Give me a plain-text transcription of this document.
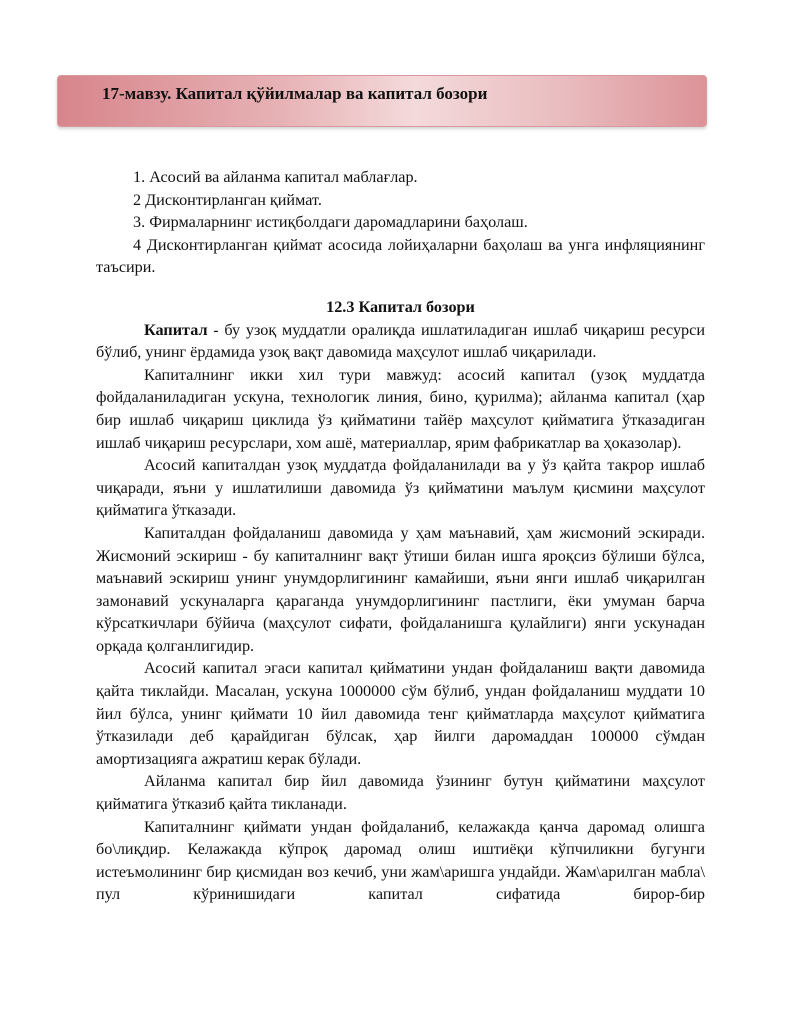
17-мавзу. Капитал қўйилмалар ва капитал бозори
1. Асосий ва айланма капитал маблағлар.
2 Дисконтирланган қиймат.
3. Фирмаларнинг истиқболдаги даромадларини баҳолаш.
4 Дисконтирланган қиймат асосида лойиҳаларни баҳолаш ва унга инфляциянинг таъсири.
12.3 Капитал бозори

Капитал - бу узоқ муддатли оралиқда ишлатиладиган ишлаб чиқариш ресурси бўлиб, унинг ёрдамида узоқ вақт давомида маҳсулот ишлаб чиқарилади.

Капиталнинг икки хил тури мавжуд: асосий капитал (узоқ муддатда фойдаланиладиган ускуна, технологик линия, бино, қурилма); айланма капитал (ҳар бир ишлаб чиқариш циклида ўз қийматини тайёр маҳсулот қийматига ўтказадиган ишлаб чиқариш ресурслари, хом ашё, материаллар, ярим фабрикатлар ва ҳоказолар).

Асосий капиталдан узоқ муддатда фойдаланилади ва у ўз қайта такрор ишлаб чиқаради, яъни у ишлатилиши давомида ўз қийматини маълум қисмини маҳсулот қийматига ўтказади.

Капиталдан фойдаланиш давомида у ҳам маънавий, ҳам жисмоний эскиради. Жисмоний эскириш - бу капиталнинг вақт ўтиши билан ишга яроқсиз бўлиши бўлса, маънавий эскириш унинг унумдорлигининг камайиши, яъни янги ишлаб чиқарилган замонавий ускуналарга қараганда унумдорлигининг пастлиги, ёки умуман барча кўрсаткичлари бўйича (маҳсулот сифати, фойдаланишга қулайлиги) янги ускунадан орқада қолганлигидир.

Асосий капитал эгаси капитал қийматини ундан фойдаланиш вақти давомида қайта тиклайди. Масалан, ускуна 1000000 сўм бўлиб, ундан фойдаланиш муддати 10 йил бўлса, унинг қиймати 10 йил давомида тенг қийматларда маҳсулот қийматига ўтказилади деб қарайдиган бўлсак, ҳар йилги даромаддан 100000 сўмдан амортизацияга ажратиш керак бўлади.

Айланма капитал бир йил давомида ўзининг бутун қийматини маҳсулот қийматига ўтказиб қайта тикланади.

Капиталнинг қиймати ундан фойдаланиб, келажакда қанча даромад олишга бо\лиқдир. Келажакда кўпроқ даромад олиш иштиёқи кўпчиликни бугунги истеъмолининг бир қисмидан воз кечиб, уни жам\аришга ундайди. Жам\арилган мабла\ пул кўринишидаги капитал сифатида бирор-бир
